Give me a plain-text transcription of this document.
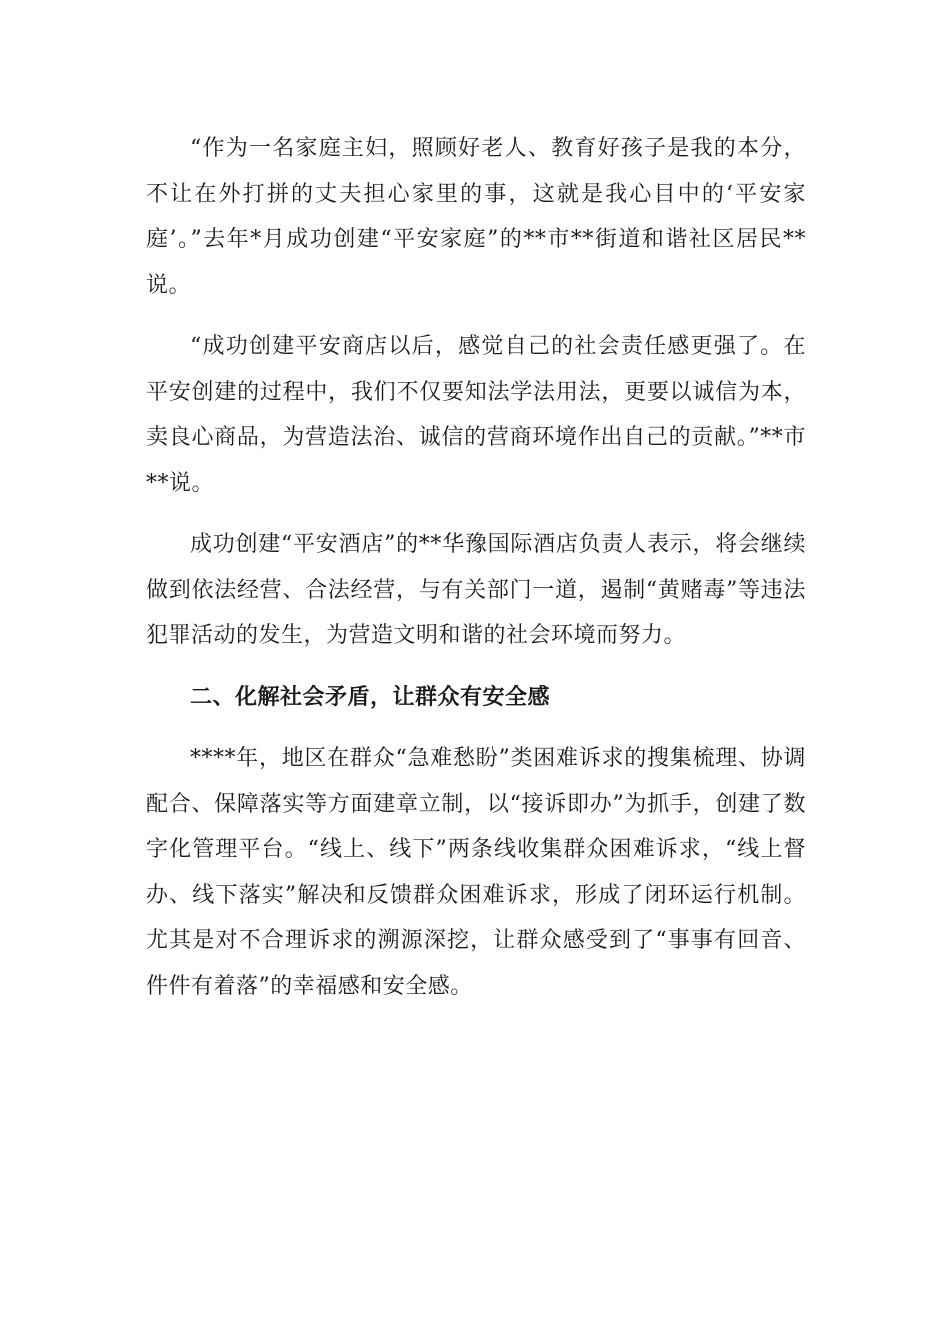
“作为一名家庭主妇，照顾好老人、教育好孩子是我的本分，不让在外打拼的丈夫担心家里的事，这就是我心目中的‘平安家庭’。”去年*月成功创建“平安家庭”的**市**街道和谐社区居民**说。

“成功创建平安商店以后，感觉自己的社会责任感更强了。在平安创建的过程中，我们不仅要知法学法用法，更要以诚信为本，卖良心商品，为营造法治、诚信的营商环境作出自己的贡献。”**市**说。

成功创建“平安酒店”的**华豫国际酒店负责人表示，将会继续做到依法经营、合法经营，与有关部门一道，遏制“黄赌毒”等违法犯罪活动的发生，为营造文明和谐的社会环境而努力。

二、化解社会矛盾，让群众有安全感

****年，地区在群众“急难愁盼”类困难诉求的搜集梳理、协调配合、保障落实等方面建章立制，以“接诉即办”为抓手，创建了数字化管理平台。“线上、线下”两条线收集群众困难诉求，“线上督办、线下落实”解决和反馈群众困难诉求，形成了闭环运行机制。尤其是对不合理诉求的溯源深挖，让群众感受到了“事事有回音、件件有着落”的幸福感和安全感。
